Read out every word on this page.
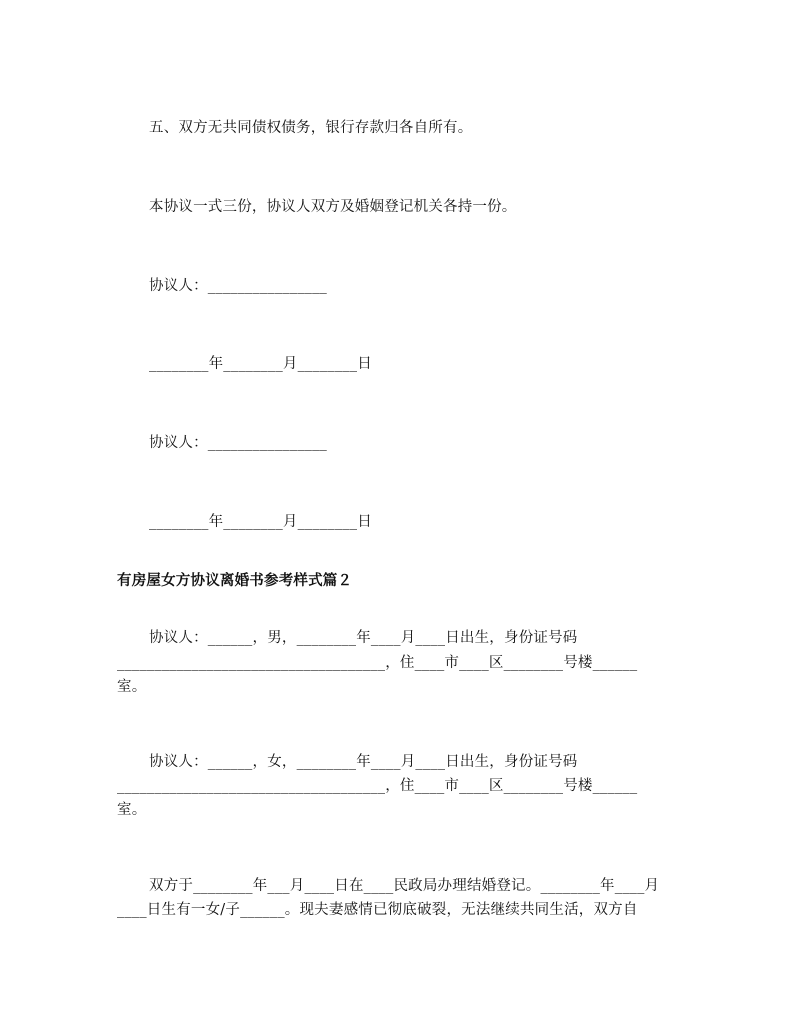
五、双方无共同债权债务，银行存款归各自所有。
本协议一式三份，协议人双方及婚姻登记机关各持一份。
协议人：________________
________年________月________日
协议人：________________
________年________月________日
有房屋女方协议离婚书参考样式篇２
协议人：______，男，________年____月____日出生，身份证号码
____________________________________，住____市____区________号楼______
室。
协议人：______，女，________年____月____日出生，身份证号码
____________________________________，住____市____区________号楼______
室。
双方于________年___月____日在____民政局办理结婚登记。________年____月
____日生有一女/子______。现夫妻感情已彻底破裂，无法继续共同生活，双方自
